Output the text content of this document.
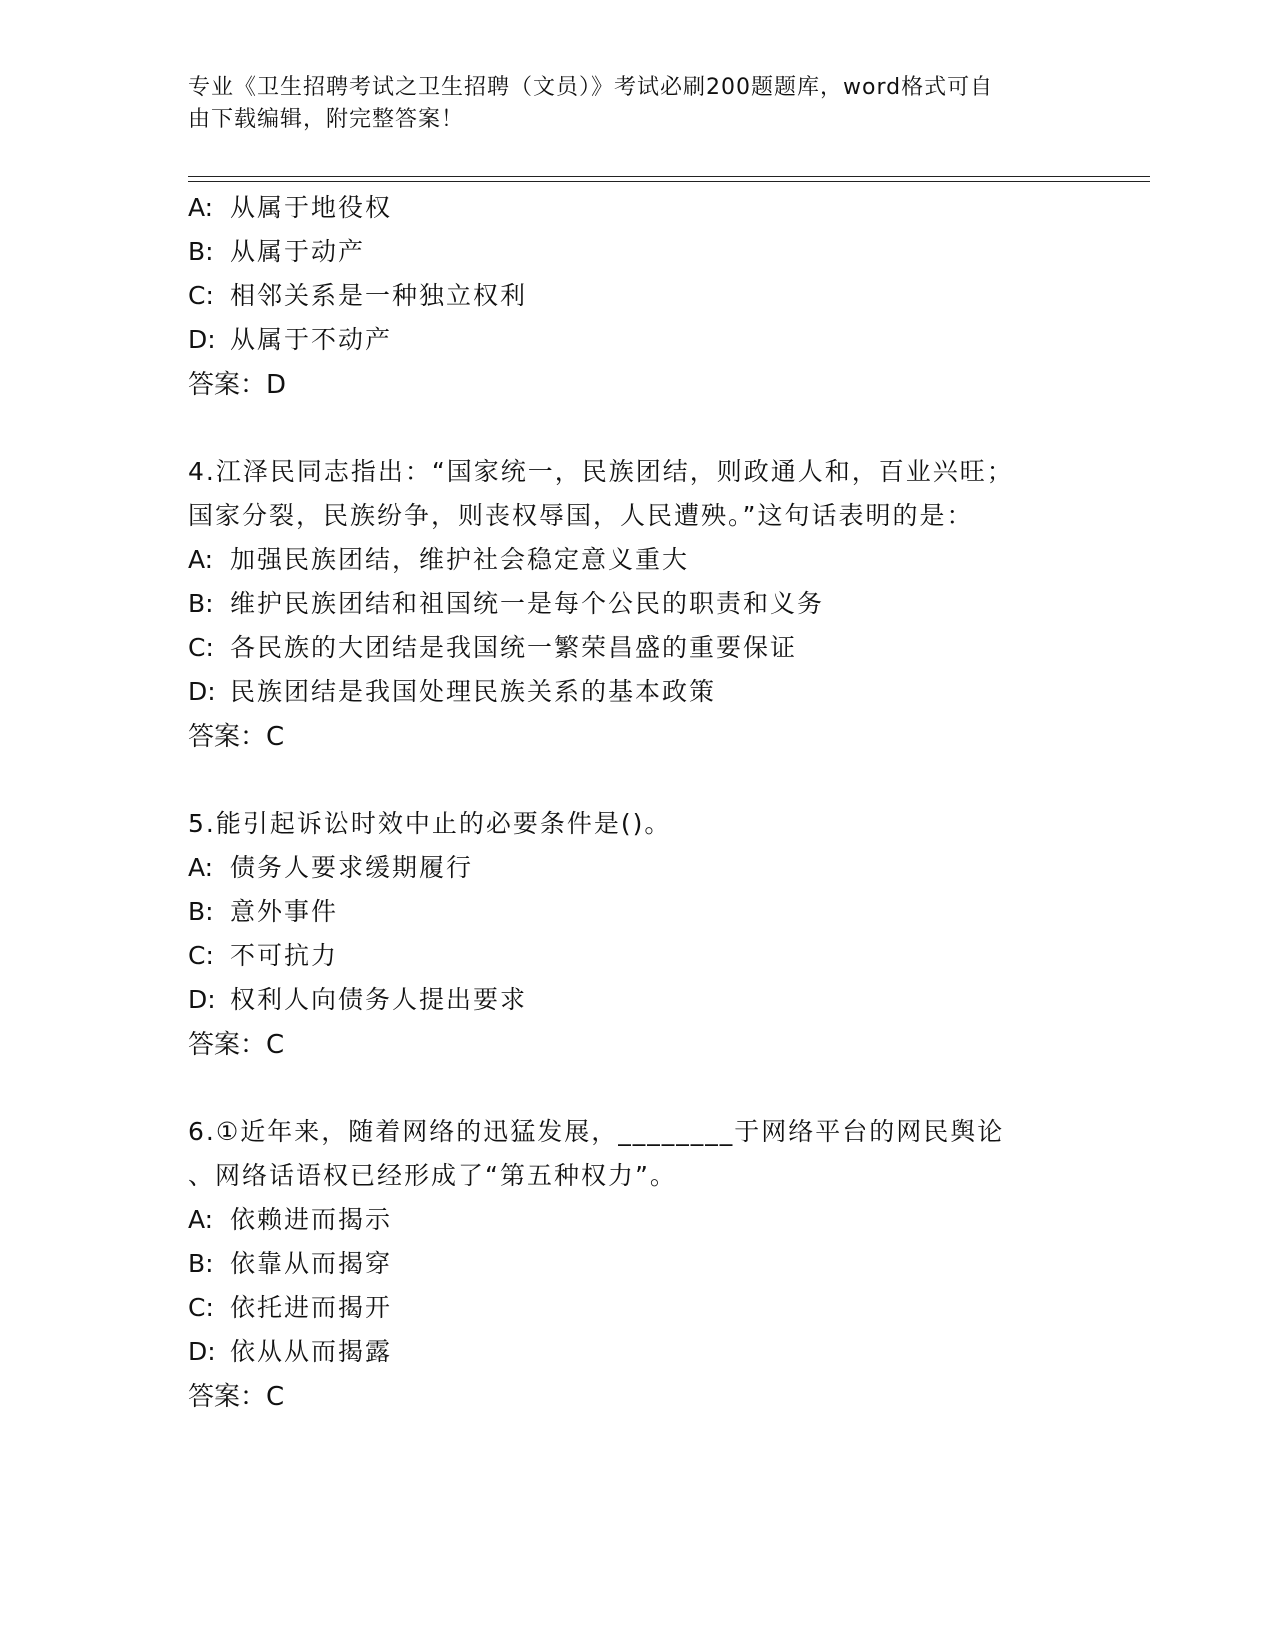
专业《卫生招聘考试之卫生招聘（文员）》考试必刷200题题库，word格式可自
由下载编辑，附完整答案！
A: 从属于地役权
B: 从属于动产
C: 相邻关系是一种独立权利
D: 从属于不动产
答案：D
4.江泽民同志指出：“国家统一，民族团结，则政通人和，百业兴旺；
国家分裂，民族纷争，则丧权辱国，人民遭殃。”这句话表明的是：
A: 加强民族团结，维护社会稳定意义重大
B: 维护民族团结和祖国统一是每个公民的职责和义务
C: 各民族的大团结是我国统一繁荣昌盛的重要保证
D: 民族团结是我国处理民族关系的基本政策
答案：C
5.能引起诉讼时效中止的必要条件是()。
A: 债务人要求缓期履行
B: 意外事件
C: 不可抗力
D: 权利人向债务人提出要求
答案：C
6.①近年来，随着网络的迅猛发展，________于网络平台的网民舆论
、网络话语权已经形成了“第五种权力”。
A: 依赖进而揭示
B: 依靠从而揭穿
C: 依托进而揭开
D: 依从从而揭露
答案：C
